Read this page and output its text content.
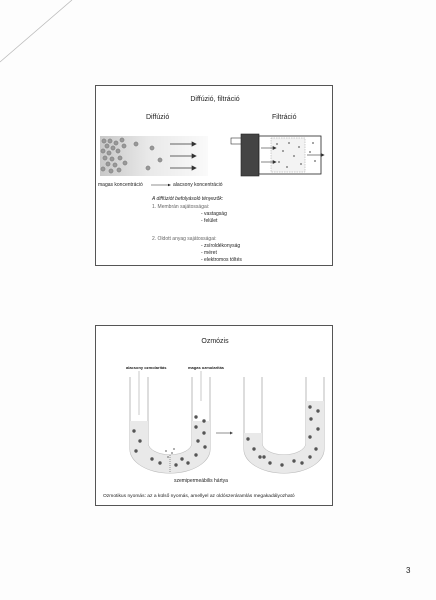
Diffúzió, filtráció
Diffúzió	Filtráció
magas koncentráció	alacsony koncentráció
A diffúziót befolyásoló tényezők:
1. Membrán sajátosságai:
- vastagság
- felület
2. Oldott anyag sajátosságai:
- zsíroldékonyság
- méret
- elektromos töltés
Ozmózis
alacsony ozmolaritás	magas ozmolaritás
szemipermeábilis hártya
Ozmotikus nyomás: az a külső nyomás, amellyel az oldószeráramlás megakadályozható
3
